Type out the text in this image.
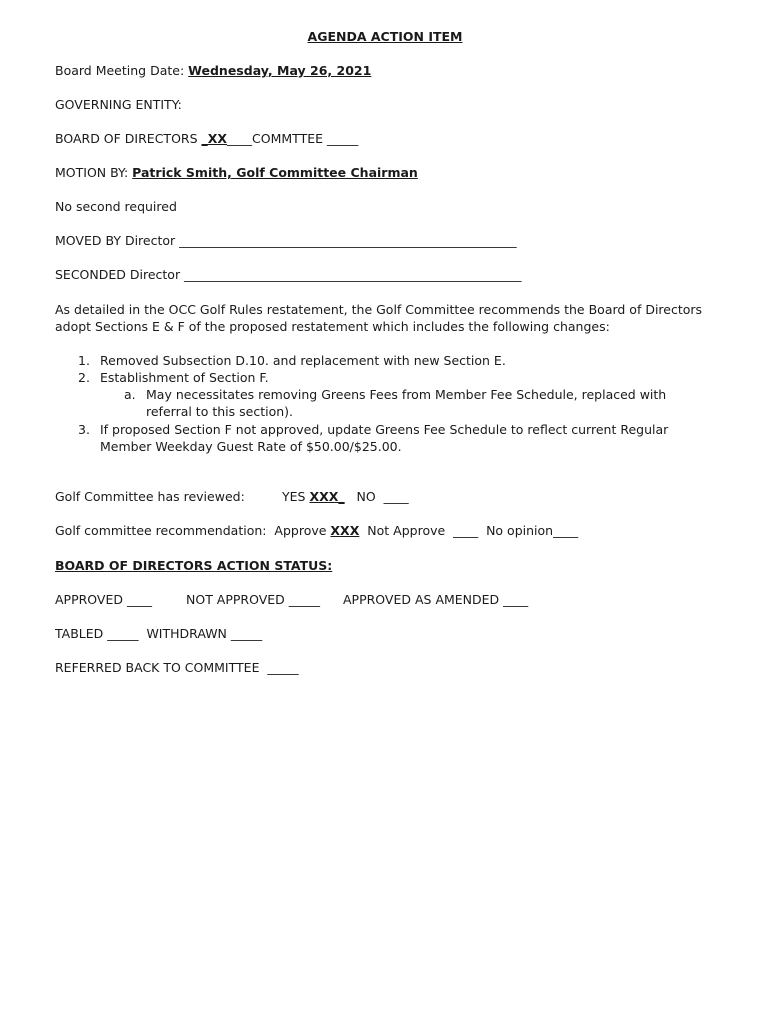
AGENDA ACTION ITEM
Board Meeting Date: Wednesday, May 26, 2021
GOVERNING ENTITY:
BOARD OF DIRECTORS _XX____COMMTTEE _____
MOTION BY: Patrick Smith, Golf Committee Chairman
No second required
MOVED BY Director ______________________________________________________
SECONDED Director ______________________________________________________
As detailed in the OCC Golf Rules restatement, the Golf Committee recommends the Board of Directors adopt Sections E & F of the proposed restatement which includes the following changes:
1. Removed Subsection D.10. and replacement with new Section E.
2. Establishment of Section F.
a. May necessitates removing Greens Fees from Member Fee Schedule, replaced with referral to this section).
3. If proposed Section F not approved, update Greens Fee Schedule to reflect current Regular Member Weekday Guest Rate of $50.00/$25.00.
Golf Committee has reviewed:	YES XXX_   NO  ____
Golf committee recommendation:  Approve XXX  Not Approve  ____  No opinion____
BOARD OF DIRECTORS ACTION STATUS:
APPROVED ____	NOT APPROVED _____ APPROVED AS AMENDED ____
TABLED _____  WITHDRAWN _____
REFERRED BACK TO COMMITTEE  _____
